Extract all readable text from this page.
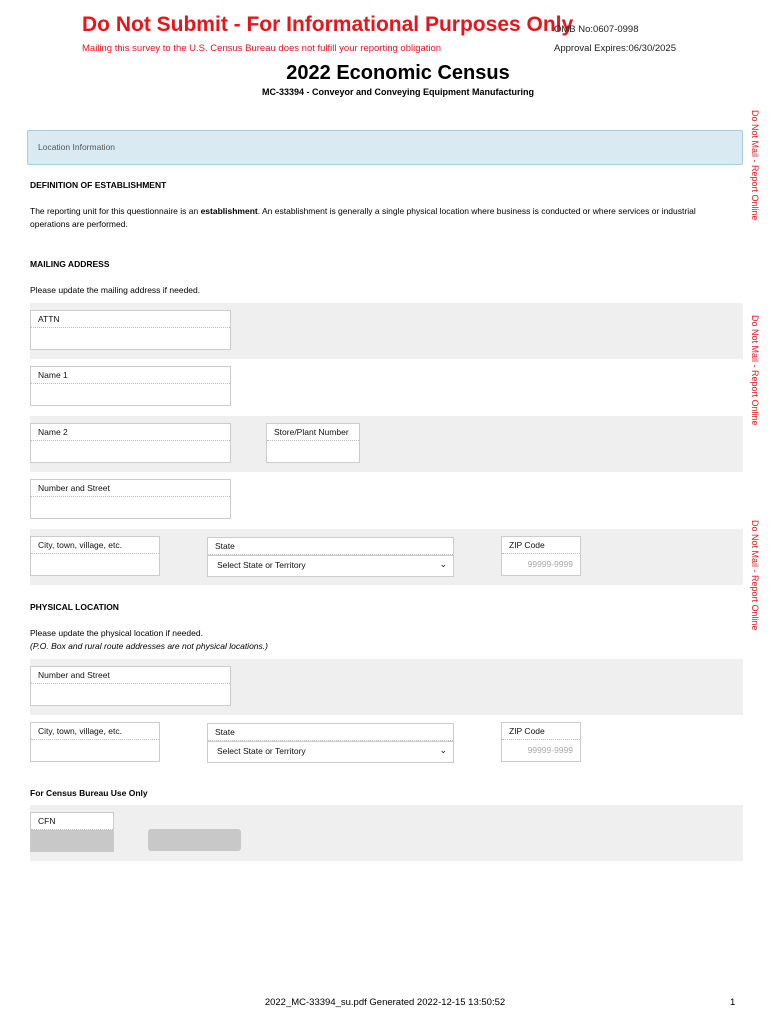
Do Not Submit - For Informational Purposes Only
Mailing this survey to the U.S. Census Bureau does not fulfill your reporting obligation
OMB No:0607-0998
Approval Expires:06/30/2025
2022 Economic Census
MC-33394 - Conveyor and Conveying Equipment Manufacturing
Do Not Mail - Report Online
Do Not Mail - Report Online
Do Not Mail - Report Online
Location Information
DEFINITION OF ESTABLISHMENT
The reporting unit for this questionnaire is an establishment. An establishment is generally a single physical location where business is conducted or where services or industrial operations are performed.
MAILING ADDRESS
Please update the mailing address if needed.
ATTN
Name 1
Name 2	Store/Plant Number
Number and Street
City, town, village, etc.	State
Select State or Territory	⌄
ZIP Code
99999-9999
PHYSICAL LOCATION
Please update the physical location if needed.
(P.O. Box and rural route addresses are not physical locations.)
Number and Street
City, town, village, etc.	State
Select State or Territory	⌄
ZIP Code
99999-9999
For Census Bureau Use Only
CFN
2022_MC-33394_su.pdf Generated 2022-12-15 13:50:52	1
